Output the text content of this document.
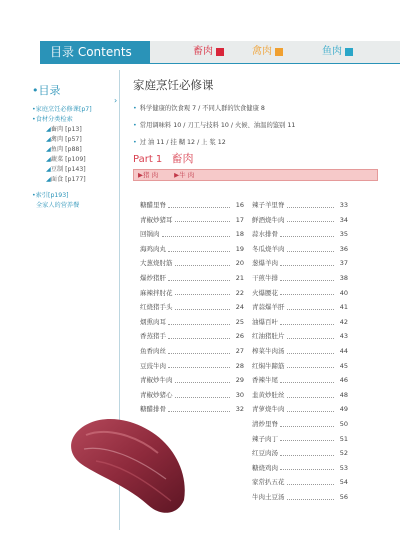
目录 Contents	畜肉	禽肉	鱼肉
•目录
•家庭烹饪必修课[p7]
•食材分类检索
◢畜肉 [p13]
◢禽肉 [p57]
◢鱼肉 [p88]
◢蔬菜 [p109]
◢豆制 [p143]
◢面食 [p177]
•索引[p193]
全家人的营养餐
›
家庭烹饪必修课
• 科学健康的饮食观 7 / 不同人群的饮食健康 8
• 常用调味料 10 / 刀工与技料 10 / 火候、油温的鉴别 11
• 过 油 11 / 挂 糊 12 / 上 浆 12
Part 1 畜肉
▶猪 肉 ▶牛 肉
糖醋里脊	16
青椒炒猪耳	17
回锅肉	18
海鸡肉丸	19
大葱烧肘筋	20
爆炒猪肝	21
麻辣拌肘花	22
红烧猪手头	24
烟熏肉耳	25
香蒸猪手	26
鱼香肉丝	27
豆豉牛肉	28
青椒炒牛肉	29
青椒炒猪心	30
糖醋排骨	32
辣子羊里脊	33
鲜酒烧牛肉	34
蒜水排骨	35
冬瓜烧羊肉	36
葱爆羊肉	37
干煎牛排	38
火爆腰花	40
青蒜爆羊肝	41
油爆百叶	42
红油猪肚片	43
榨菜牛肉汤	44
红焖牛蹄筋	45
香辣牛尾	46
韭黄炒肚丝	48
青萝烧牛肉	49
清炒里脊	50
辣子肉丁	51
红豆肉汤	52
糖烧鸡肉	53
家常扒五花	54
牛肉土豆汤	56
